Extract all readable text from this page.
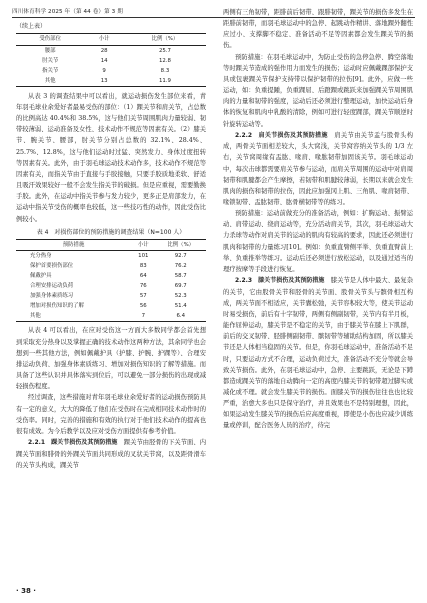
四川体育科学 2025 年（第 44 卷）第 3 期
（续上表）
受伤部位	小计	比例（%）
腰部	28	25.7
肘关节	14	12.8
指关节	9	8.3
其他	13	11.9

从表 3 的调查结果中可以看出，就运动损伤发生部位来看，青年羽毛球业余爱好者最易受伤的部位：（1）踝关节和肩关节，占总数的比例高达 40.4%和 38.5%，这与他们关节周围肌肉力量较弱、韧带较薄弱、运动准备及女性、技术动作不规范等因素有关。（2）膝关节、腕关节、腰部，肘关节分别占总数的 32.1%、28.4%、25.7%、12.8%，这与他们运动时过猛、突然发力、身体过度扭转等因素有关。此外，由于羽毛球运动技术动作多，技术动作不规范等因素有关，而指关节由于直接与手胶接触，只要手胶质地柔软、舒适且吸汗效果较好一般不会发生指关节的破损。但是应重视，需要勤换手胶。此外，在运动中指关节参与发力较少，更多正是肩部发力，在运动中指关节受伤的概率也较低，这一些技巧性的动作，因此受伤比例较小。

表 4　对损伤部位的预防措施的调查结果（N=100 人）
预防措施	小计	比例（%）
充分热身	101	92.7
保护首要损伤部位	83	76.2
佩戴护具	64	58.7
合理安排运动负荷	76	69.7
加强身体素质练习	57	52.3
增加对损伤知识的了解	56	51.4
其他	7	6.4

从表 4 可以看出，在应对受伤这一方面大多数同学都会首先想到采取充分热身以及掌握正确的技术动作这两种方法，其余同学也会想到一些其他方法，例如佩戴护具（护膝、护腕、护踝等）、合理安排运动负荷、加强身体素质练习、增加对损伤知识的了解等措施。而具备了这些认识并具体落实到位后，可以避免一部分损伤的出现或减轻损伤程度。

经过调查，这些措施对青年羽毛球业余爱好者的运动损伤预防具有一定的意义，大大的降低了他们在受伤时在完成相同技术动作时的受伤率。同时，完善的措施和有效的执行对于他们技术动作的提高也很有成效。为今后教学以及应对受伤方面提供有参考价值。

2.2.1　踝关节损伤及其预防措施　 踝关节由胫骨的下关节面、内踝关节面和腓骨的外踝关节面共同形成的叉状关节窝，以及距骨滑车的关节头构成，踝关节

两侧有三角韧带，距腓前后韧带、跟腓韧带，踝关节的损伤多发生在距腓前韧带，而羽毛球运动中的急停、起跳动作精讲、落地踝外翻性应过小、支撑脚不稳定、准备活动不足等因素都会发生踝关节的损伤。

预防措施：在羽毛球运动中，为防止受伤的急停急停、腾空落地等时踝关节造成的强作用力而发生的损伤；运动时应佩戴踝部保护支具或包裹踝关节保护支持带以保护韧带的拉伤[9]。此外，应做一些运动，如：负重提踵，负重踝屈、后蹬踝或跳跃来加强踝关节周围肌肉的力量和韧带的强度，运动后还必须进行整理运动，加快运动后身体的恢复和肌肉中乳酸的清除，例如可进行轻度踝部，踝关节顺逆时针旋转运动等。

2.2.2　肩关节损伤及其预防措施　 肩关节由关节盂与股骨头构成，两骨关节面相差较大，头大窝浅，关节窝容纳关节头的 1/3 左右，关节窝周缘有盂肱、喙肩、喙肱韧带加固该关节。羽毛球运动中，每次击球都需要肩关节参与运动，而肩关节周围的运动中对肩周韧带和肌腱都会产生摩擦，若韧带和肌腱较薄弱，长期以来就会发生肌肉的损伤和韧带的拉伤，因此应加强冈上肌、三角肌、喙肩韧带、喙锁韧带、盂肱韧带、肱骨横韧带等的练习。

预防措施：运动前做充分的准备活动，例如：扩胸运动、振臂运动、肩带运动、绕肩运动等，充分活动肩关节，其次，羽毛球运动大力杀球等动作对肩关节的运动的肌肉有较高的要求，因此还必须进行肌肉和韧带的力量练习[10]。例如：负重直臂侧平举、负重直臂前上举、负重推举等练习。运动后还必须进行放松运动，以及通过适当的理疗按摩等手段进行恢复。

2.2.3　膝关节损伤及其预防措施　 膝关节是人体中最大、最复杂的关节，它由股骨关节和胫骨的关节面、股骨关节头与髌骨相互构成，两关节面不相适应，关节囊松弛，关节容积较大等，使关节运动时易受损伤，前后有十字韧带，两侧有侧副韧带，关节内有半月板，能作屈伸运动，膝关节是不稳定的关节，由于膝关节在膝上下肌群，前后的交叉韧带、胫腓侧副韧带、髌韧带等辅助结构加固，所以膝关节还是人体相当稳固的关节。但是，你羽毛球运动中，准备活动不足时，只要运动方式不合理，运动负荷过大，准备活动不充分等就会导致关节损伤。此外，在羽毛球运动中，急停、主要跳跃，无论是下蹲都造成踝关节的落地自动腾向一定的高度内膝关节的韧带超过脚实或减化或不理。就会发生膝关节的损伤。面膝关节的损伤往往也也比较严重，治愈大多也只是保守治疗，并且效果也不是特别理想，因此，如果运动发生膝关节的损伤后应高度重视，即使是小伤也应减少训练量或停训，配合医务人员的治疗，待完

· 38 ·
